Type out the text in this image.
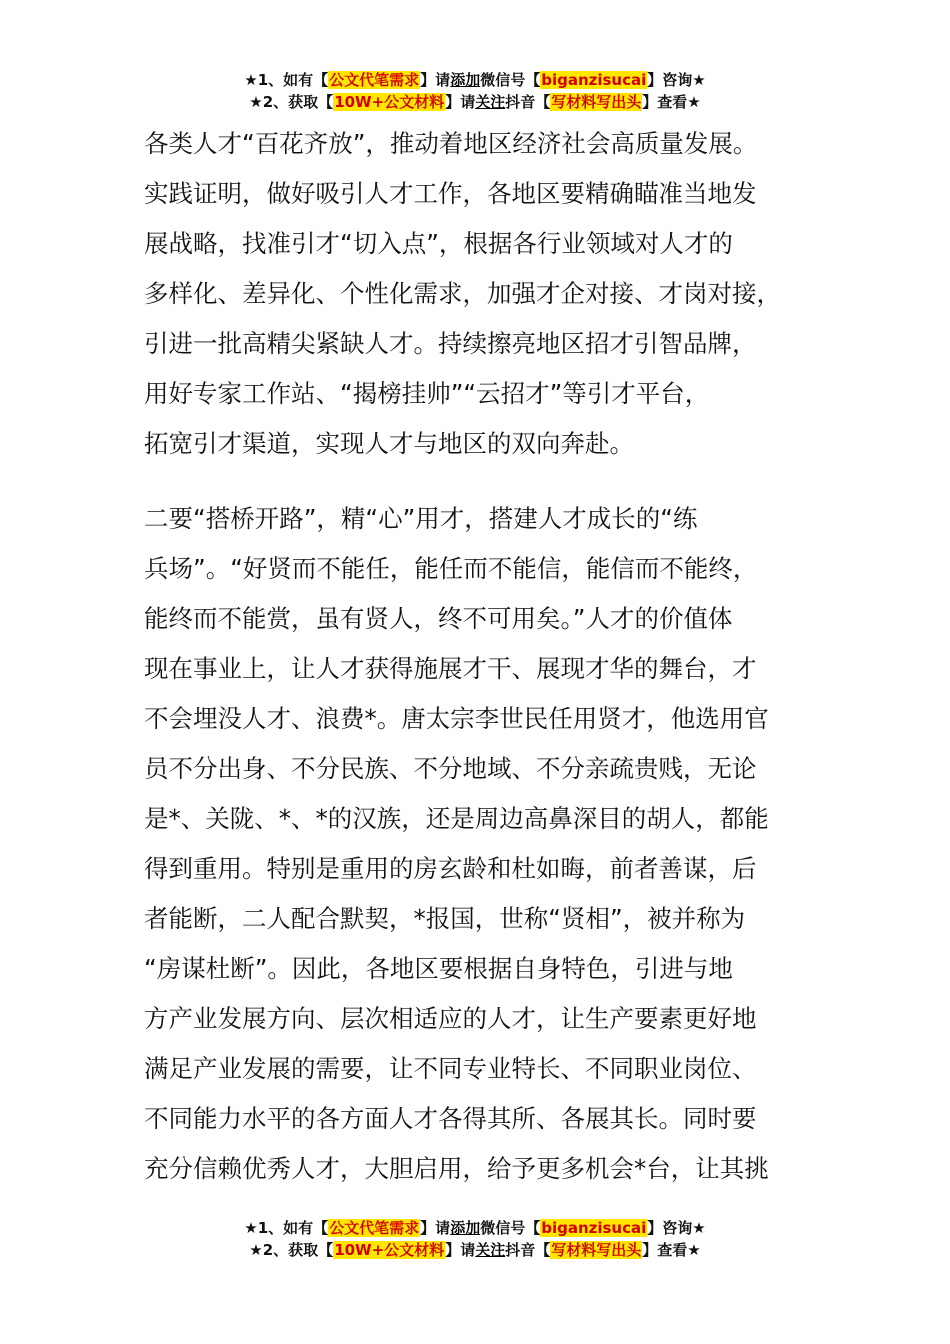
★1、如有【公文代笔需求】请添加微信号【biganzisucai】咨询★
★2、获取【10W+公文材料】请关注抖音【写材料写出头】查看★

各类人才“百花齐放”，推动着地区经济社会高质量发展。
实践证明，做好吸引人才工作，各地区要精确瞄准当地发
展战略，找准引才“切入点”，根据各行业领域对人才的
多样化、差异化、个性化需求，加强才企对接、才岗对接，
引进一批高精尖紧缺人才。持续擦亮地区招才引智品牌，
用好专家工作站、“揭榜挂帅”“云招才”等引才平台，
拓宽引才渠道，实现人才与地区的双向奔赴。

二要“搭桥开路”，精“心”用才，搭建人才成长的“练
兵场”。“好贤而不能任，能任而不能信，能信而不能终，
能终而不能赏，虽有贤人，终不可用矣。”人才的价值体
现在事业上，让人才获得施展才干、展现才华的舞台，才
不会埋没人才、浪费*。唐太宗李世民任用贤才，他选用官
员不分出身、不分民族、不分地域、不分亲疏贵贱，无论
是*、关陇、*、*的汉族，还是周边高鼻深目的胡人，都能
得到重用。特别是重用的房玄龄和杜如晦，前者善谋，后
者能断，二人配合默契，*报国，世称“贤相”，被并称为
“房谋杜断”。因此，各地区要根据自身特色，引进与地
方产业发展方向、层次相适应的人才，让生产要素更好地
满足产业发展的需要，让不同专业特长、不同职业岗位、
不同能力水平的各方面人才各得其所、各展其长。同时要
充分信赖优秀人才，大胆启用，给予更多机会*台，让其挑

★1、如有【公文代笔需求】请添加微信号【biganzisucai】咨询★
★2、获取【10W+公文材料】请关注抖音【写材料写出头】查看★
